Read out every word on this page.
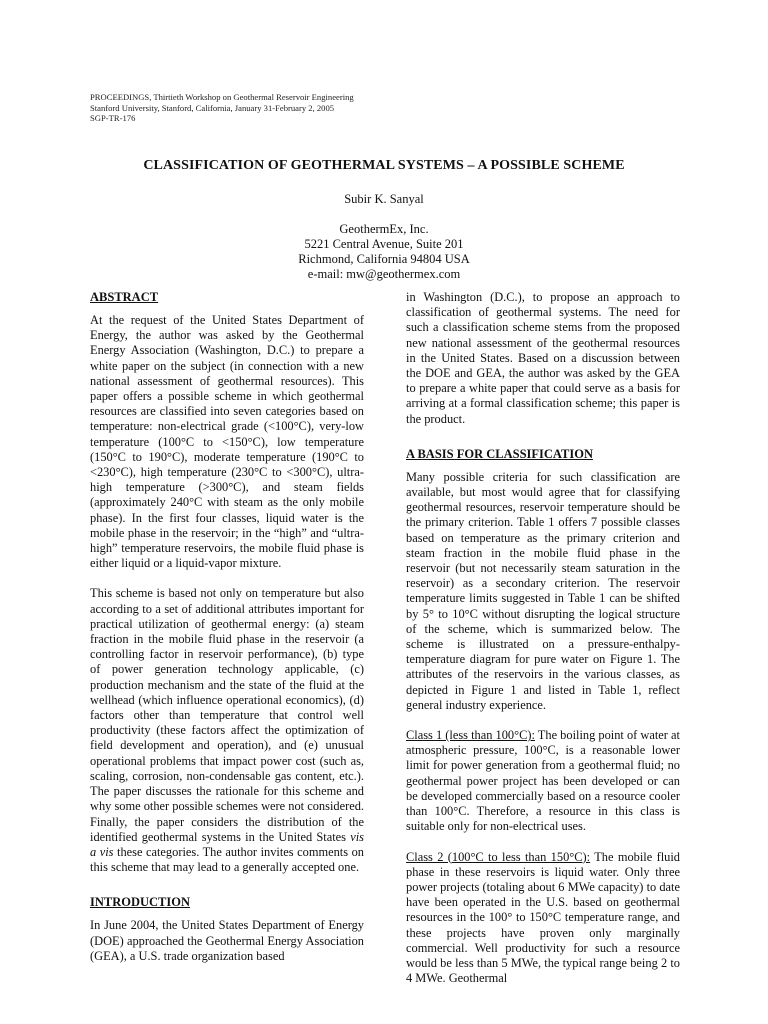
PROCEEDINGS, Thirtieth Workshop on Geothermal Reservoir Engineering
Stanford University, Stanford, California, January 31-February 2, 2005
SGP-TR-176
CLASSIFICATION OF GEOTHERMAL SYSTEMS – A POSSIBLE SCHEME
Subir K. Sanyal
GeothermEx, Inc.
5221 Central Avenue, Suite 201
Richmond, California 94804 USA
e-mail: mw@geothermex.com
ABSTRACT

At the request of the United States Department of Energy, the author was asked by the Geothermal Energy Association (Washington, D.C.) to prepare a white paper on the subject (in connection with a new national assessment of geothermal resources). This paper offers a possible scheme in which geothermal resources are classified into seven categories based on temperature: non-electrical grade (<100°C), very-low temperature (100°C to <150°C), low temperature (150°C to 190°C), moderate temperature (190°C to <230°C), high temperature (230°C to <300°C), ultra-high temperature (>300°C), and steam fields (approximately 240°C with steam as the only mobile phase). In the first four classes, liquid water is the mobile phase in the reservoir; in the “high” and “ultra-high” temperature reservoirs, the mobile fluid phase is either liquid or a liquid-vapor mixture.

This scheme is based not only on temperature but also according to a set of additional attributes important for practical utilization of geothermal energy: (a) steam fraction in the mobile fluid phase in the reservoir (a controlling factor in reservoir performance), (b) type of power generation technology applicable, (c) production mechanism and the state of the fluid at the wellhead (which influence operational economics), (d) factors other than temperature that control well productivity (these factors affect the optimization of field development and operation), and (e) unusual operational problems that impact power cost (such as, scaling, corrosion, non-condensable gas content, etc.). The paper discusses the rationale for this scheme and why some other possible schemes were not considered. Finally, the paper considers the distribution of the identified geothermal systems in the United States vis a vis these categories. The author invites comments on this scheme that may lead to a generally accepted one.

INTRODUCTION

In June 2004, the United States Department of Energy (DOE) approached the Geothermal Energy Association (GEA), a U.S. trade organization based

in Washington (D.C.), to propose an approach to classification of geothermal systems. The need for such a classification scheme stems from the proposed new national assessment of the geothermal resources in the United States. Based on a discussion between the DOE and GEA, the author was asked by the GEA to prepare a white paper that could serve as a basis for arriving at a formal classification scheme; this paper is the product.

A BASIS FOR CLASSIFICATION

Many possible criteria for such classification are available, but most would agree that for classifying geothermal resources, reservoir temperature should be the primary criterion. Table 1 offers 7 possible classes based on temperature as the primary criterion and steam fraction in the mobile fluid phase in the reservoir (but not necessarily steam saturation in the reservoir) as a secondary criterion. The reservoir temperature limits suggested in Table 1 can be shifted by 5° to 10°C without disrupting the logical structure of the scheme, which is summarized below. The scheme is illustrated on a pressure-enthalpy-temperature diagram for pure water on Figure 1. The attributes of the reservoirs in the various classes, as depicted in Figure 1 and listed in Table 1, reflect general industry experience.

Class 1 (less than 100°C): The boiling point of water at atmospheric pressure, 100°C, is a reasonable lower limit for power generation from a geothermal fluid; no geothermal power project has been developed or can be developed commercially based on a resource cooler than 100°C. Therefore, a resource in this class is suitable only for non-electrical uses.

Class 2 (100°C to less than 150°C): The mobile fluid phase in these reservoirs is liquid water. Only three power projects (totaling about 6 MWe capacity) to date have been operated in the U.S. based on geothermal resources in the 100° to 150°C temperature range, and these projects have proven only marginally commercial. Well productivity for such a resource would be less than 5 MWe, the typical range being 2 to 4 MWe. Geothermal
